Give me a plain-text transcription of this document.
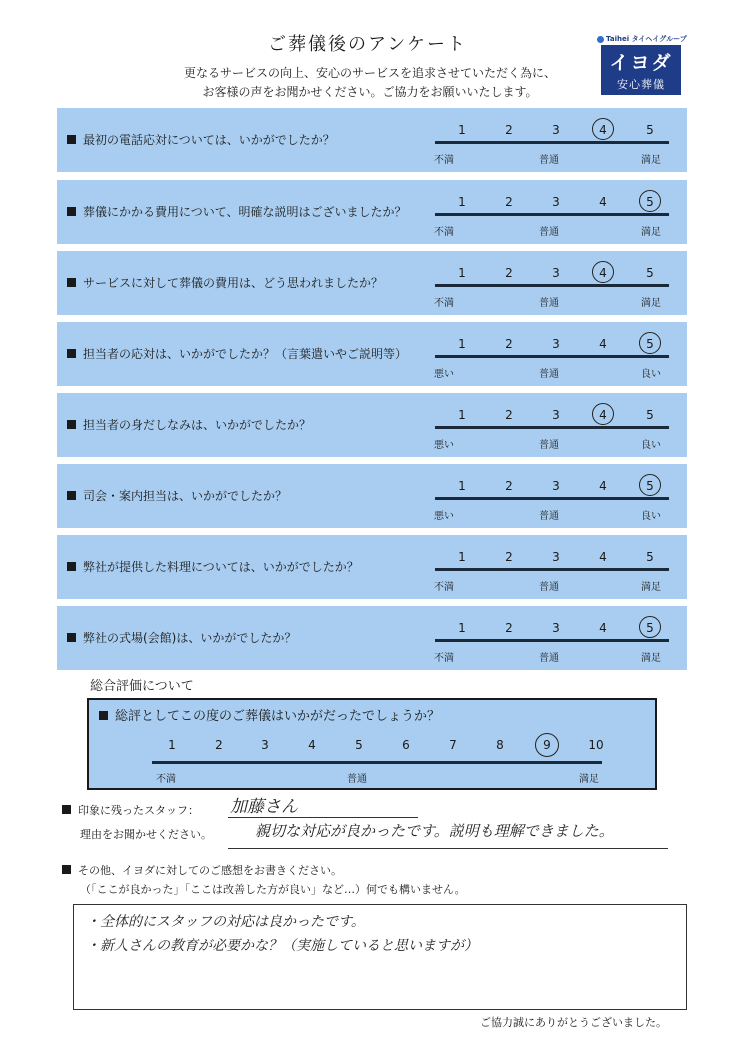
ご葬儀後のアンケート
更なるサービスの向上、安心のサービスを追求させていただく為に、
お客様の声をお聞かせください。ご協力をお願いいたします。
Taihei タイヘイグループ
イヨダ
安心葬儀
最初の電話応対については、いかがでしたか？
1	2	3	4	5
不満	普通	満足
葬儀にかかる費用について、明確な説明はございましたか？
1	2	3	4	5
不満	普通	満足
サービスに対して葬儀の費用は、どう思われましたか？
1	2	3	4	5
不満	普通	満足
担当者の応対は、いかがでしたか？（言葉遣いやご説明等）
1	2	3	4	5
悪い	普通	良い
担当者の身だしなみは、いかがでしたか？
1	2	3	4	5
悪い	普通	良い
司会・案内担当は、いかがでしたか？
1	2	3	4	5
悪い	普通	良い
弊社が提供した料理については、いかがでしたか？
1	2	3	4	5
不満	普通	満足
弊社の式場(会館)は、いかがでしたか？
1	2	3	4	5
不満	普通	満足
総合評価について
総評としてこの度のご葬儀はいかがだったでしょうか？
不満	普通	満足
1	2	3	4	5	6	7	8	9	10
印象に残ったスタッフ： 加藤さん
理由をお聞かせください。	親切な対応が良かったです。説明も理解できました。
その他、イヨダに対してのご感想をお書きください。
（「ここが良かった」「ここは改善した方が良い」など…）何でも構いません。
・全体的にスタッフの対応は良かったです。
・新人さんの教育が必要かな？（実施していると思いますが）
ご協力誠にありがとうございました。
